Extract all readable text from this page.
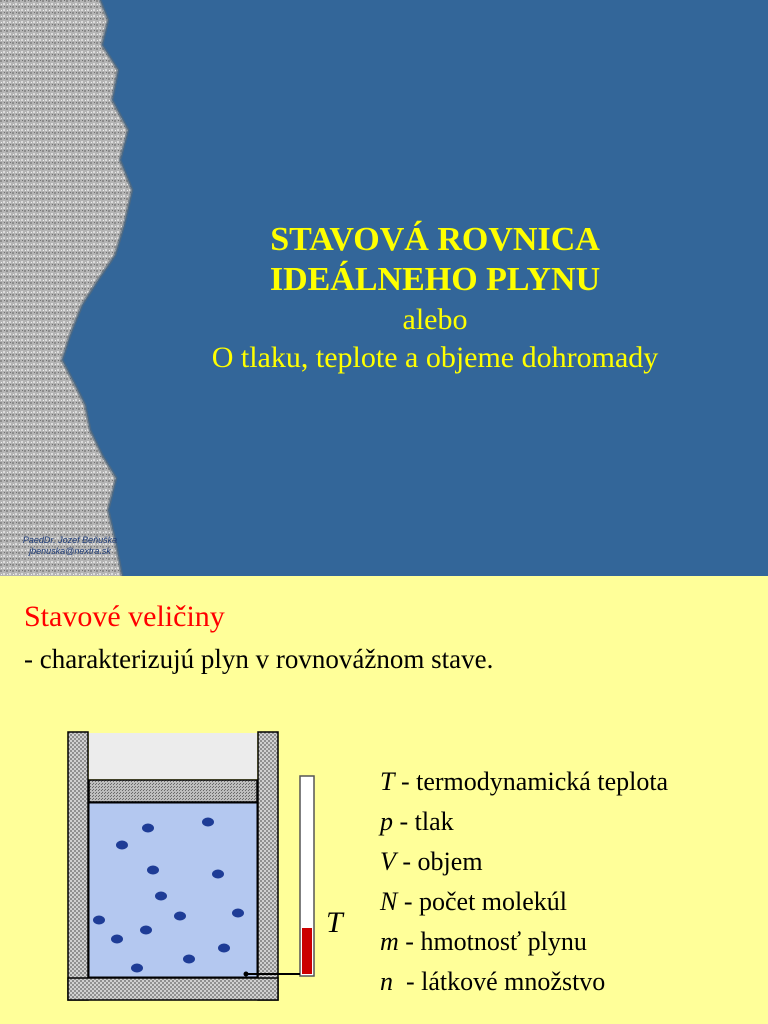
STAVOVÁ ROVNICA
IDEÁLNEHO PLYNU
alebo
O tlaku, teplote a objeme dohromady
PaedDr. Jozef Beňuška
jbenuska@nextra.sk
Stavové veličiny
- charakterizujú plyn v rovnovážnom stave.
T
T - termodynamická teplota
p - tlak
V - objem
N - počet molekúl
m - hmotnosť plynu
n  - látkové množstvo
